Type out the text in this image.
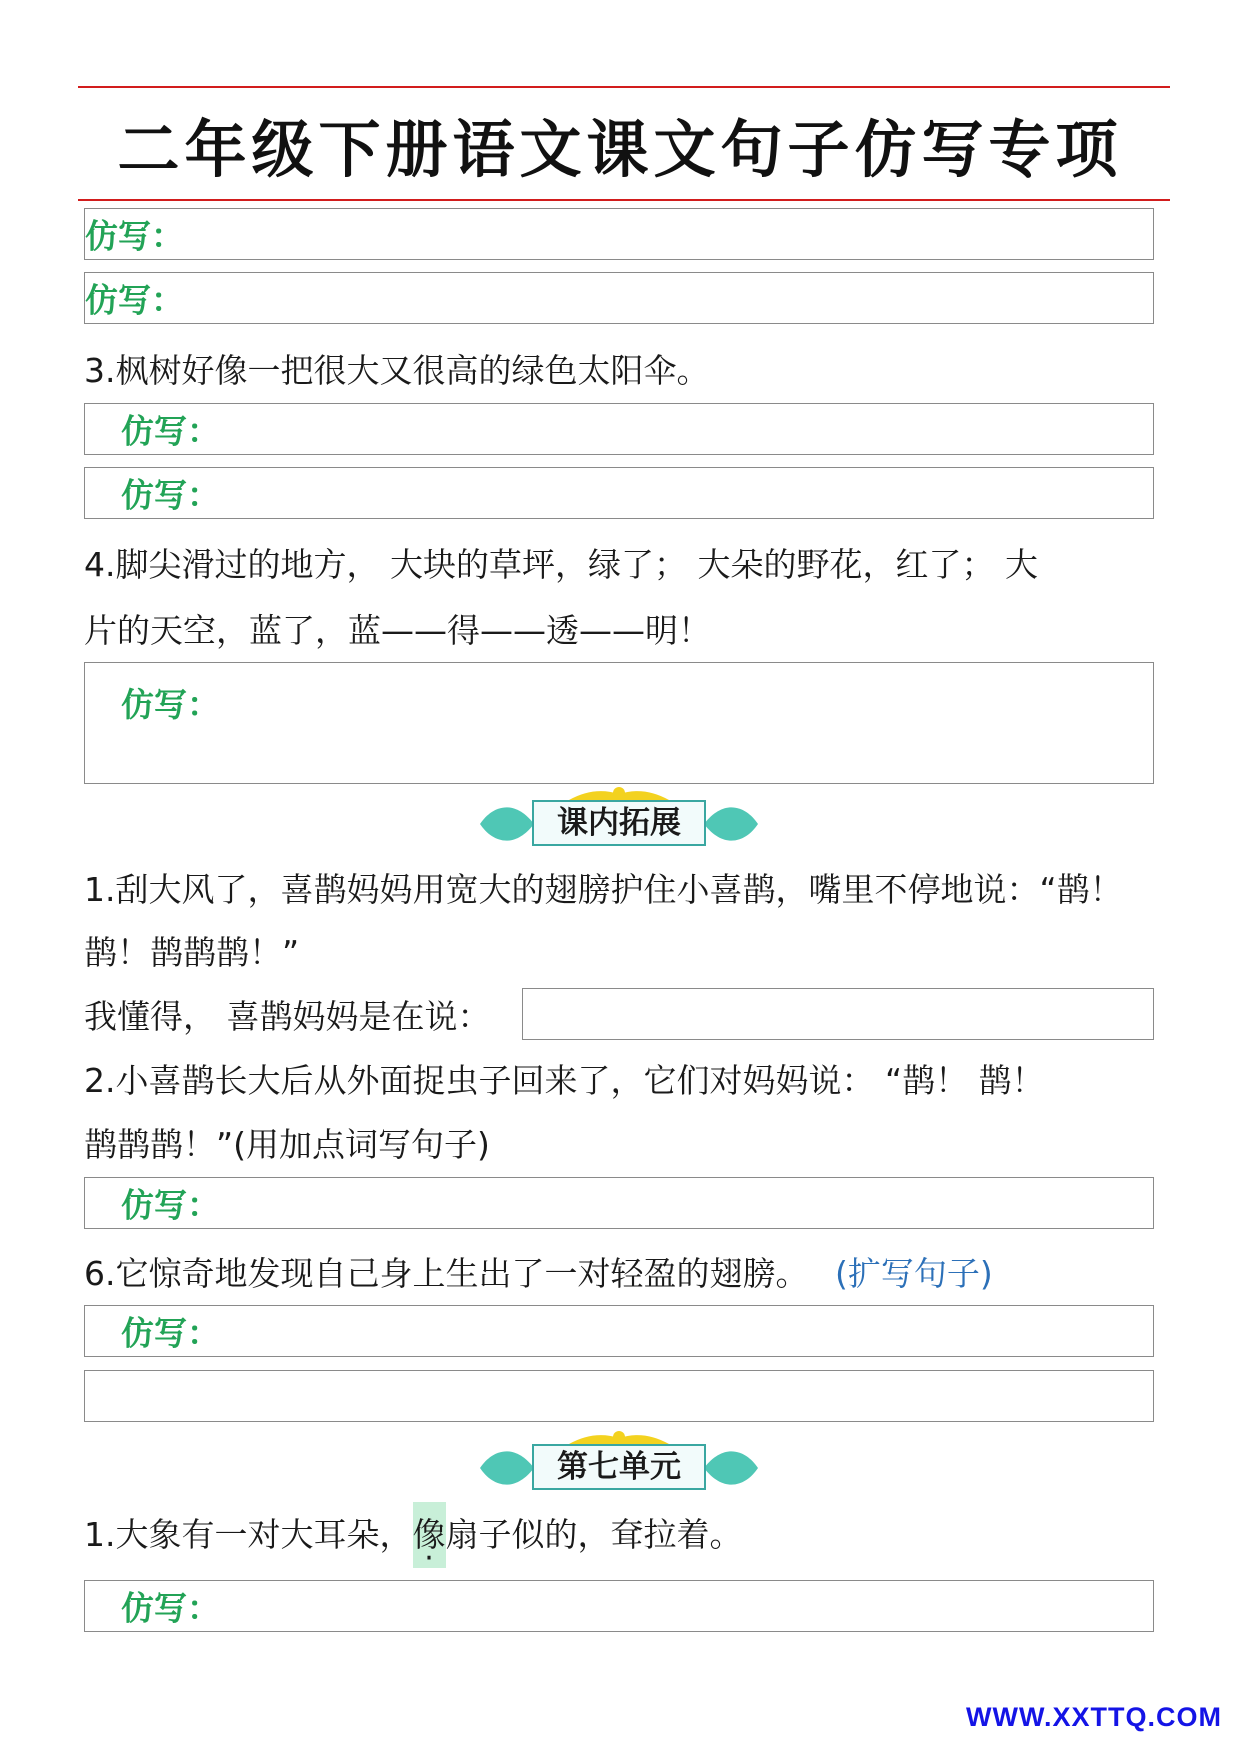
二年级下册语文课文句子仿写专项
仿写：
仿写：
3.枫树好像一把很大又很高的绿色太阳伞。
仿写：
仿写：
4.脚尖滑过的地方， 大块的草坪，绿了； 大朵的野花，红了； 大
片的天空，蓝了，蓝——得——透——明！
仿写：
课内拓展
1.刮大风了，喜鹊妈妈用宽大的翅膀护住小喜鹊，嘴里不停地说：“鹊！
鹊！鹊鹊鹊！”
我懂得， 喜鹊妈妈是在说：
2.小喜鹊长大后从外面捉虫子回来了，它们对妈妈说： “鹊！ 鹊！
鹊鹊鹊！”(用加点词写句子)
仿写：
6.它惊奇地发现自己身上生出了一对轻盈的翅膀。 (扩写句子)
仿写：
第七单元
1.大象有一对大耳朵，像扇子似的，耷拉着。
仿写：
WWW.XXTTQ.COM
